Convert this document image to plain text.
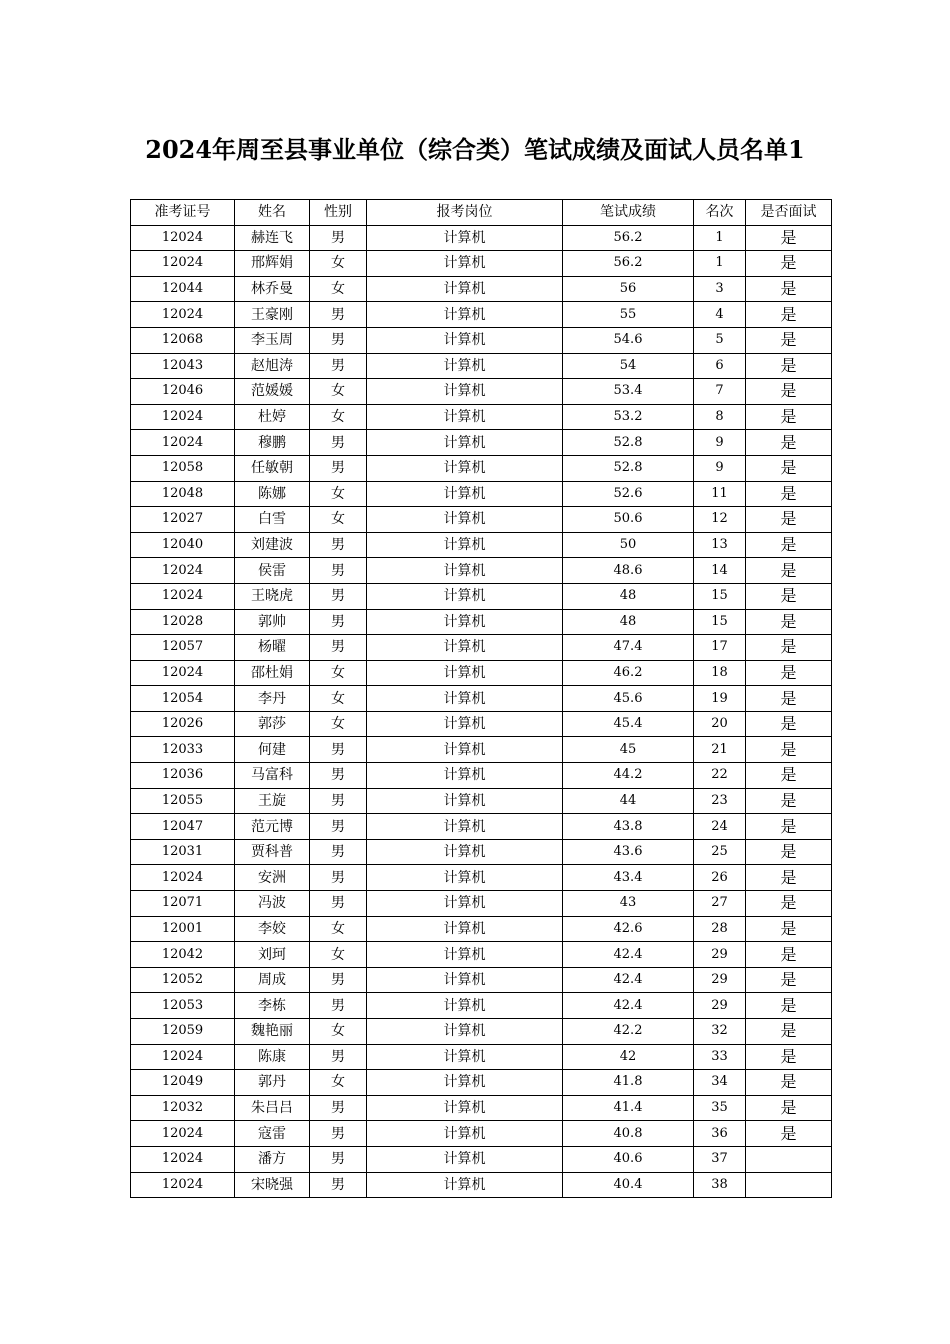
2024年周至县事业单位（综合类）笔试成绩及面试人员名单1
准考证号	姓名	性别	报考岗位	笔试成绩	名次	是否面试
12024	赫连飞	男	计算机	56.2	1	是
12024	邢辉娟	女	计算机	56.2	1	是
12044	林乔曼	女	计算机	56	3	是
12024	王豪刚	男	计算机	55	4	是
12068	李玉周	男	计算机	54.6	5	是
12043	赵旭涛	男	计算机	54	6	是
12046	范媛媛	女	计算机	53.4	7	是
12024	杜婷	女	计算机	53.2	8	是
12024	穆鹏	男	计算机	52.8	9	是
12058	任敏朝	男	计算机	52.8	9	是
12048	陈娜	女	计算机	52.6	11	是
12027	白雪	女	计算机	50.6	12	是
12040	刘建波	男	计算机	50	13	是
12024	侯雷	男	计算机	48.6	14	是
12024	王晓虎	男	计算机	48	15	是
12028	郭帅	男	计算机	48	15	是
12057	杨曜	男	计算机	47.4	17	是
12024	邵杜娟	女	计算机	46.2	18	是
12054	李丹	女	计算机	45.6	19	是
12026	郭莎	女	计算机	45.4	20	是
12033	何建	男	计算机	45	21	是
12036	马富科	男	计算机	44.2	22	是
12055	王旋	男	计算机	44	23	是
12047	范元博	男	计算机	43.8	24	是
12031	贾科普	男	计算机	43.6	25	是
12024	安洲	男	计算机	43.4	26	是
12071	冯波	男	计算机	43	27	是
12001	李姣	女	计算机	42.6	28	是
12042	刘珂	女	计算机	42.4	29	是
12052	周成	男	计算机	42.4	29	是
12053	李栋	男	计算机	42.4	29	是
12059	魏艳丽	女	计算机	42.2	32	是
12024	陈康	男	计算机	42	33	是
12049	郭丹	女	计算机	41.8	34	是
12032	朱吕吕	男	计算机	41.4	35	是
12024	寇雷	男	计算机	40.8	36	是
12024	潘方	男	计算机	40.6	37	
12024	宋晓强	男	计算机	40.4	38	
